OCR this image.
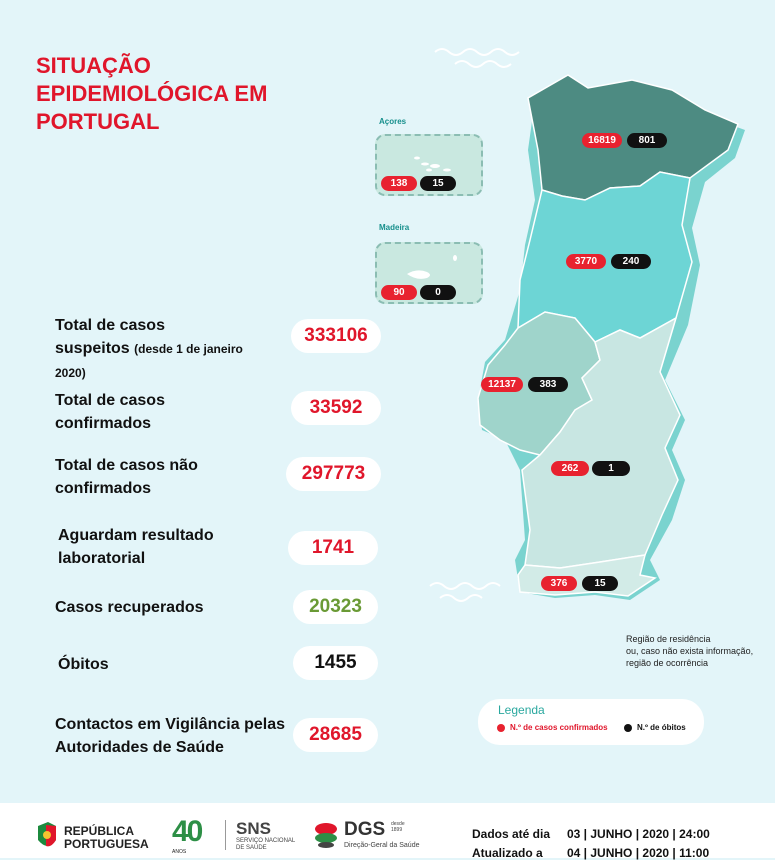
SITUAÇÃO
EPIDEMIOLÓGICA EM
PORTUGAL
Total de casos
suspeitos (desde 1 de janeiro 2020)
333106
Total de casos confirmados
33592
Total de casos não confirmados
297773
Aguardam resultado laboratorial
1741
Casos recuperados	20323
Óbitos	1455
Contactos em Vigilância pelas Autoridades de Saúde
28685
Açores
138	15
Madeira
90	0
16819	801
3770	240
12137	383
262	1
376	15
Região de residência
ou, caso não exista informação,
região de ocorrência
Legenda
N.º de casos confirmados	N.º de óbitos
REPÚBLICA
PORTUGUESA 40
ANOS
SNS
SERVIÇO NACIONAL
DE SAÚDE
DGS desde 1899
Direção-Geral da Saúde
Dados até dia 03 | JUNHO | 2020 | 24:00
Atualizado a 04 | JUNHO | 2020 | 11:00
